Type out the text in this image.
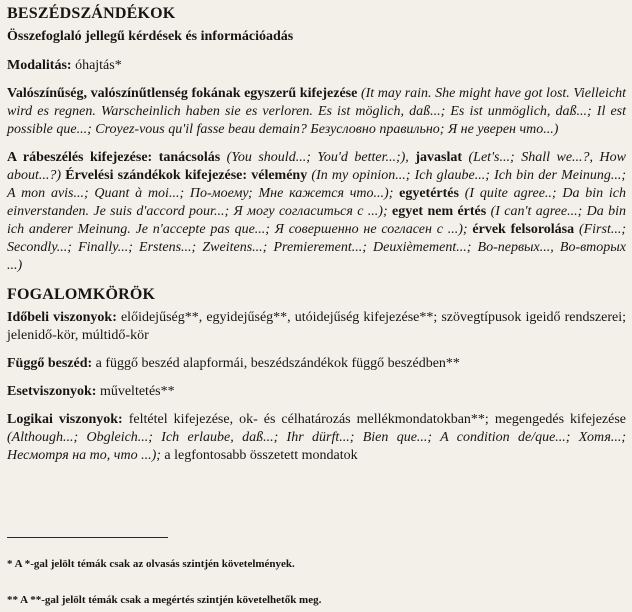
BESZÉDSZÁNDÉKOK
Összefoglaló jellegű kérdések és információadás

Modalitás: óhajtás*

Valószínűség, valószínűtlenség fokának egyszerű kifejezése (It may rain. She might have got lost. Vielleicht wird es regnen. Warscheinlich haben sie es verloren. Es ist möglich, daß...; Es ist unmöglich, daß...; Il est possible que...; Croyez-vous qu'il fasse beau demain? Безусловно правильно; Я не уверен что...)

A rábeszélés kifejezése: tanácsolás (You should...; You'd better...;), javaslat (Let's...; Shall we...?, How about...?) Érvelési szándékok kifejezése: vélemény (In my opinion...; Ich glaube...; Ich bin der Meinung...; A mon avis...; Quant à moi...; По-моему; Мне кажется что...); egyetértés (I quite agree..; Da bin ich einverstanden. Je suis d'accord pour...; Я могу согласиться с ...); egyet nem értés (I can't agree...; Da bin ich anderer Meinung. Je n'accepte pas que...; Я совершенно не согласен с ...); érvek felsorolása (First...; Secondly...; Finally...; Erstens...; Zweitens...; Premierement...; Deuxièmement...; Во-первых..., Во-вторых ...)

FOGALOMKÖRÖK

Időbeli viszonyok: előidejűség**, egyidejűség**, utóidejűség kifejezése**; szövegtípusok igeidő rendszerei; jelenidő-kör, múltidő-kör

Függő beszéd: a függő beszéd alapformái, beszédszándékok függő beszédben**

Esetviszonyok: műveltetés**

Logikai viszonyok: feltétel kifejezése, ok- és célhatározás mellékmondatokban**; megengedés kifejezése (Although...; Obgleich...; Ich erlaube, daß...; Ihr dürft...; Bien que...; A condition de/que...; Хотя...; Несмотря на то, что ...); a legfontosabb összetett mondatok

* A *-gal jelölt témák csak az olvasás szintjén követelmények.

** A **-gal jelölt témák csak a megértés szintjén követelhetők meg.
